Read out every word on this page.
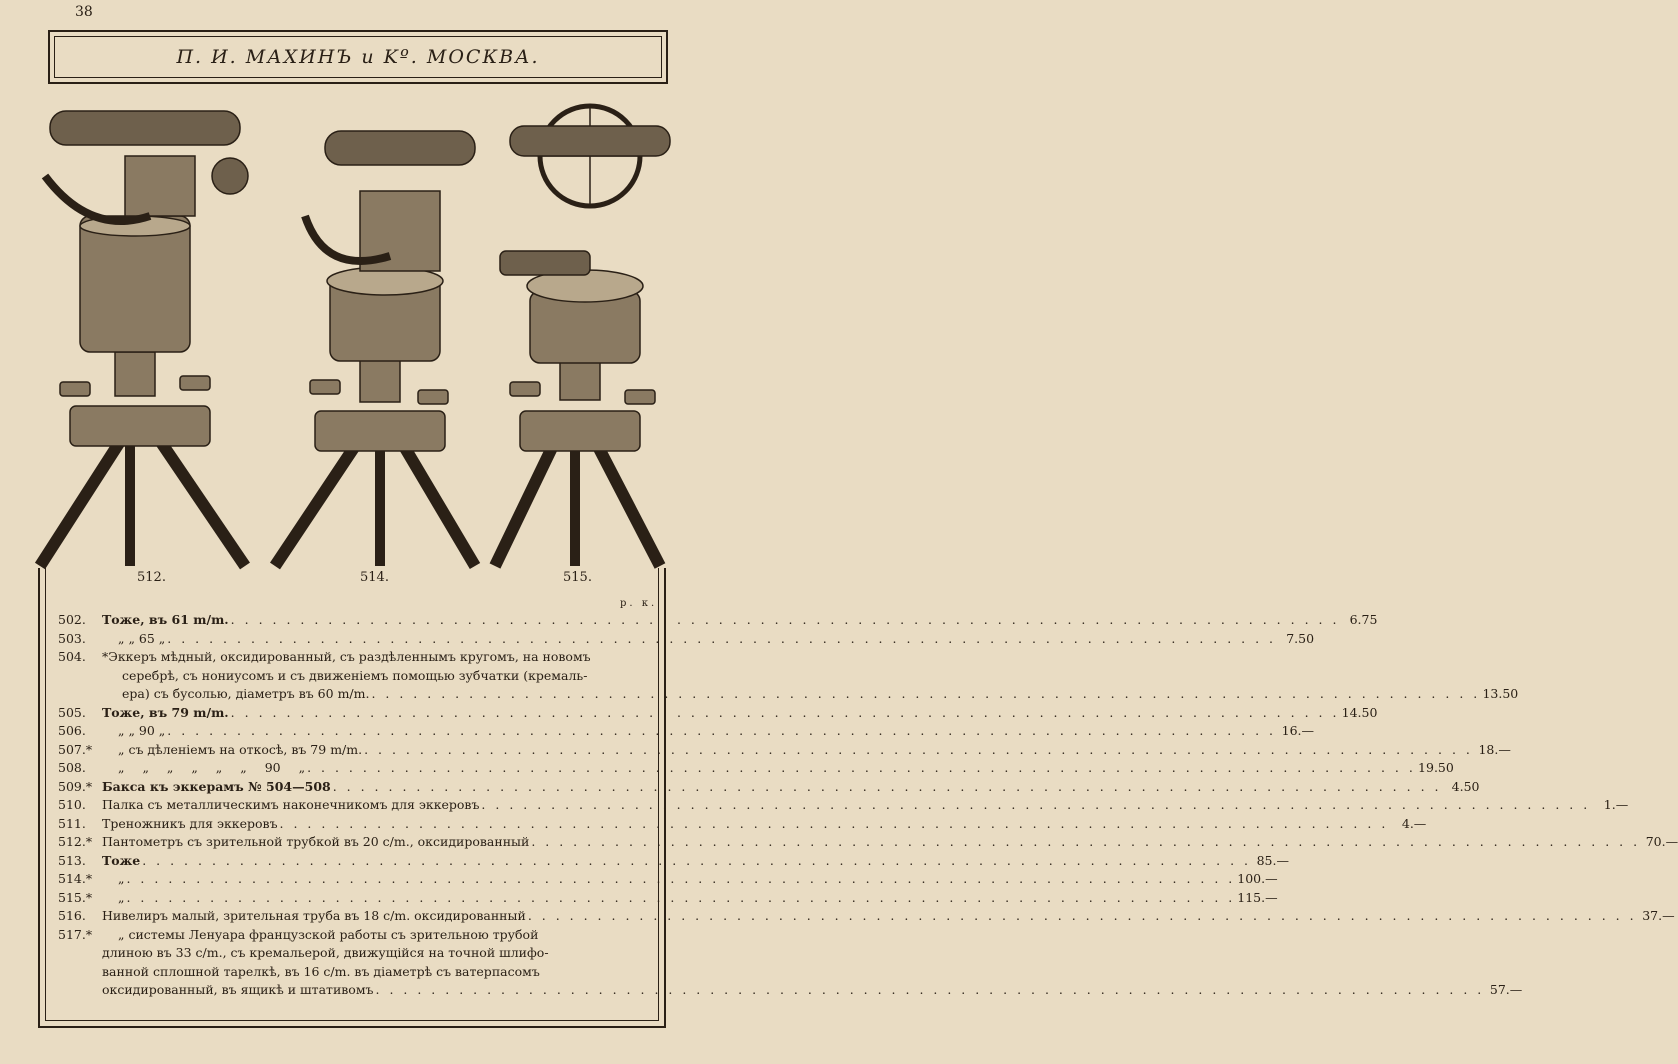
38
П. И. МАХИНЪ и Kº. МОСКВА.
512.	514.	515.
р. к.
502.	Тоже, въ 61 m/m. . . .	6.75
503.	„ „ 65 „ . . .	7.50
504.	*Эккеръ мѣдный, оксидированный, съ раздѣленнымъ кругомъ, на новомъ
серебрѣ, съ нониусомъ и съ движеніемъ помощью зубчатки (кремаль-
ера) съ бусолью, діаметръ въ 60 m/m. . . .	13.50
505.	Тоже, въ 79 m/m. . . .	14.50
506.	„ „ 90 „ . . .	16.—
507.*	„ съ дѣленіемъ на откосѣ, въ 79 m/m. . . .	18.—
508.	„ „ „ „ „ „ 90 „ . . .	19.50
509.* Бакса къ эккерамъ № 504—508 . . .	4.50
510.	Палка съ металлическимъ наконечникомъ для эккеровъ . . .	1.—
511.	Треножникъ для эккеровъ . . .	4.—
512.* Пантометръ съ зрительной трубкой въ 20 c/m., оксидированный . . .	70.—
513.	Тоже . . .	85.—
514.*	„ . . .	100.—
515.*	„ . . .	115.—
516.	Нивелиръ малый, зрительная труба въ 18 c/m. оксидированный . . .	37.—
517.*	„ системы Ленуара французской работы съ зрительною трубой
длиною въ 33 c/m., съ кремальерой, движущійся на точной шлифо-
ванной сплошной тарелкѣ, въ 16 c/m. въ діаметрѣ съ ватерпасомъ
оксидированный, въ ящикѣ и штативомъ . . .	57.—
